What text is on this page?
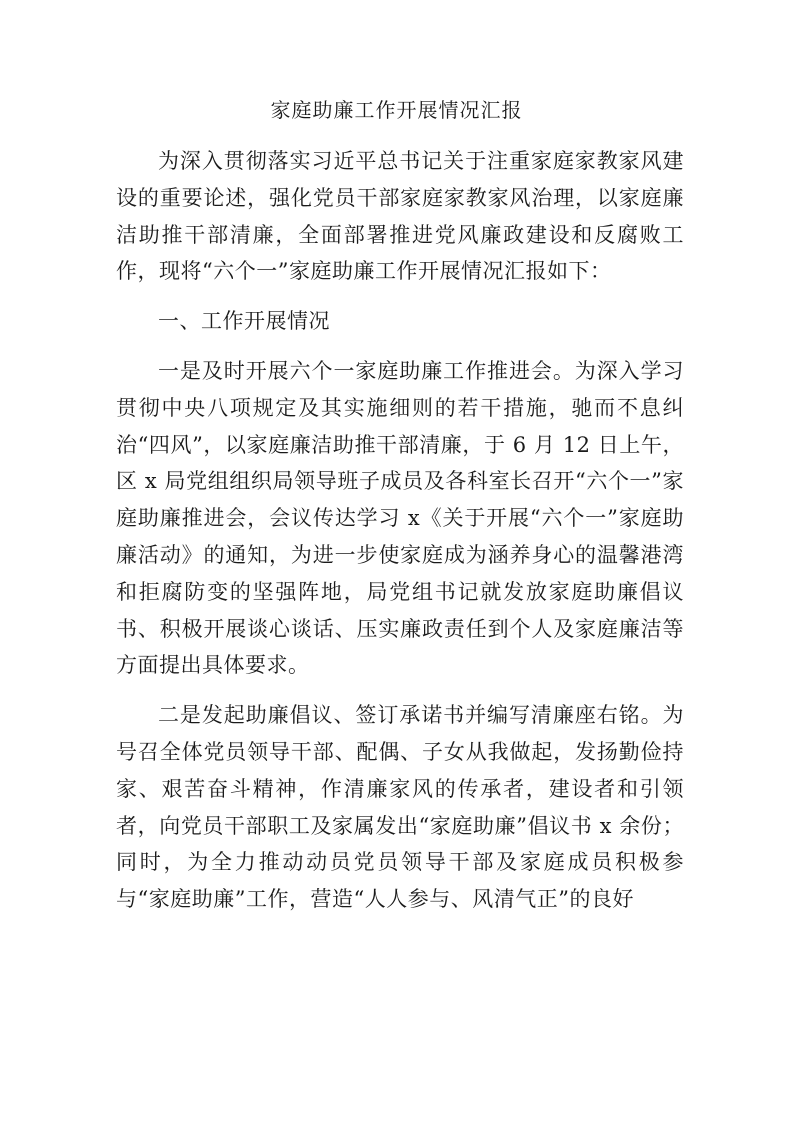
家庭助廉工作开展情况汇报

为深入贯彻落实习近平总书记关于注重家庭家教家风建设的重要论述，强化党员干部家庭家教家风治理，以家庭廉洁助推干部清廉，全面部署推进党风廉政建设和反腐败工作，现将“六个一”家庭助廉工作开展情况汇报如下：

一、工作开展情况

一是及时开展六个一家庭助廉工作推进会。为深入学习贯彻中央八项规定及其实施细则的若干措施，驰而不息纠治“四风”，以家庭廉洁助推干部清廉，于 6 月 12 日上午，区 x 局党组组织局领导班子成员及各科室长召开“六个一”家庭助廉推进会，会议传达学习 x《关于开展“六个一”家庭助廉活动》的通知，为进一步使家庭成为涵养身心的温馨港湾和拒腐防变的坚强阵地，局党组书记就发放家庭助廉倡议书、积极开展谈心谈话、压实廉政责任到个人及家庭廉洁等方面提出具体要求。

二是发起助廉倡议、签订承诺书并编写清廉座右铭。为号召全体党员领导干部、配偶、子女从我做起，发扬勤俭持家、艰苦奋斗精神，作清廉家风的传承者，建设者和引领者，向党员干部职工及家属发出“家庭助廉”倡议书 x 余份；同时，为全力推动动员党员领导干部及家庭成员积极参与“家庭助廉”工作，营造“人人参与、风清气正”的良好
